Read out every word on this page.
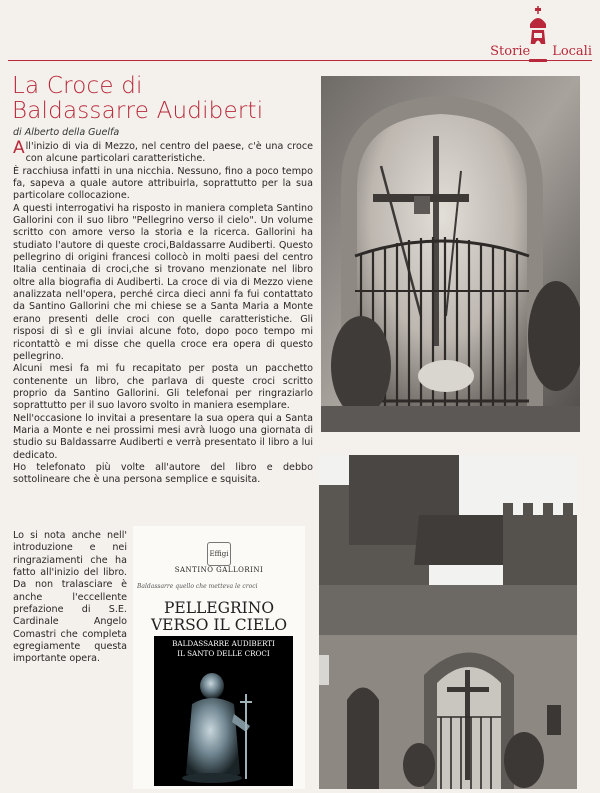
Storie Locali
La Croce di
Baldassarre Audiberti
di Alberto della Guelfa

All'inizio di via di Mezzo, nel centro del paese, c'è una croce con alcune particolari caratteristiche.

È racchiusa infatti in una nicchia. Nessuno, fino a poco tempo fa, sapeva a quale autore attribuirla, soprattutto per la sua particolare collocazione.

A questi interrogativi ha risposto in maniera completa Santino Gallorini con il suo libro "Pellegrino verso il cielo". Un volume scritto con amore verso la storia e la ricerca. Gallorini ha studiato l'autore di queste croci,Baldassarre Audiberti. Questo pellegrino di origini francesi collocò in molti paesi del centro Italia centinaia di croci,che si trovano menzionate nel libro oltre alla biografia di Audiberti. La croce di via di Mezzo viene analizzata nell'opera, perché circa dieci anni fa fui contattato da Santino Gallorini che mi chiese se a Santa Maria a Monte erano presenti delle croci con quelle caratteristiche. Gli risposi di sì e gli inviai alcune foto, dopo poco tempo mi ricontattò e mi disse che quella croce era opera di questo pellegrino.

Alcuni mesi fa mi fu recapitato per posta un pacchetto contenente un libro, che parlava di queste croci scritto proprio da Santino Gallorini. Gli telefonai per ringraziarlo soprattutto per il suo lavoro svolto in maniera esemplare.

Nell'occasione lo invitai a presentare la sua opera qui a Santa Maria a Monte e nei prossimi mesi avrà luogo una giornata di studio su Baldassarre Audiberti e verrà presentato il libro a lui dedicato.

Ho telefonato più volte all'autore del libro e debbo sottolineare che è una persona semplice e squisita.

Lo si nota anche nell' introduzione e nei ringraziamenti che ha fatto all'inizio del libro. Da non tralasciare è anche l'eccellente prefazione di S.E. Cardinale Angelo Comastri che completa egregiamente questa importante opera.

Effigi
SANTINO GALLORINI
Baldassarre quello che metteva le croci
PELLEGRINO
VERSO IL CIELO
BALDASSARRE AUDIBERTI
IL SANTO DELLE CROCI
